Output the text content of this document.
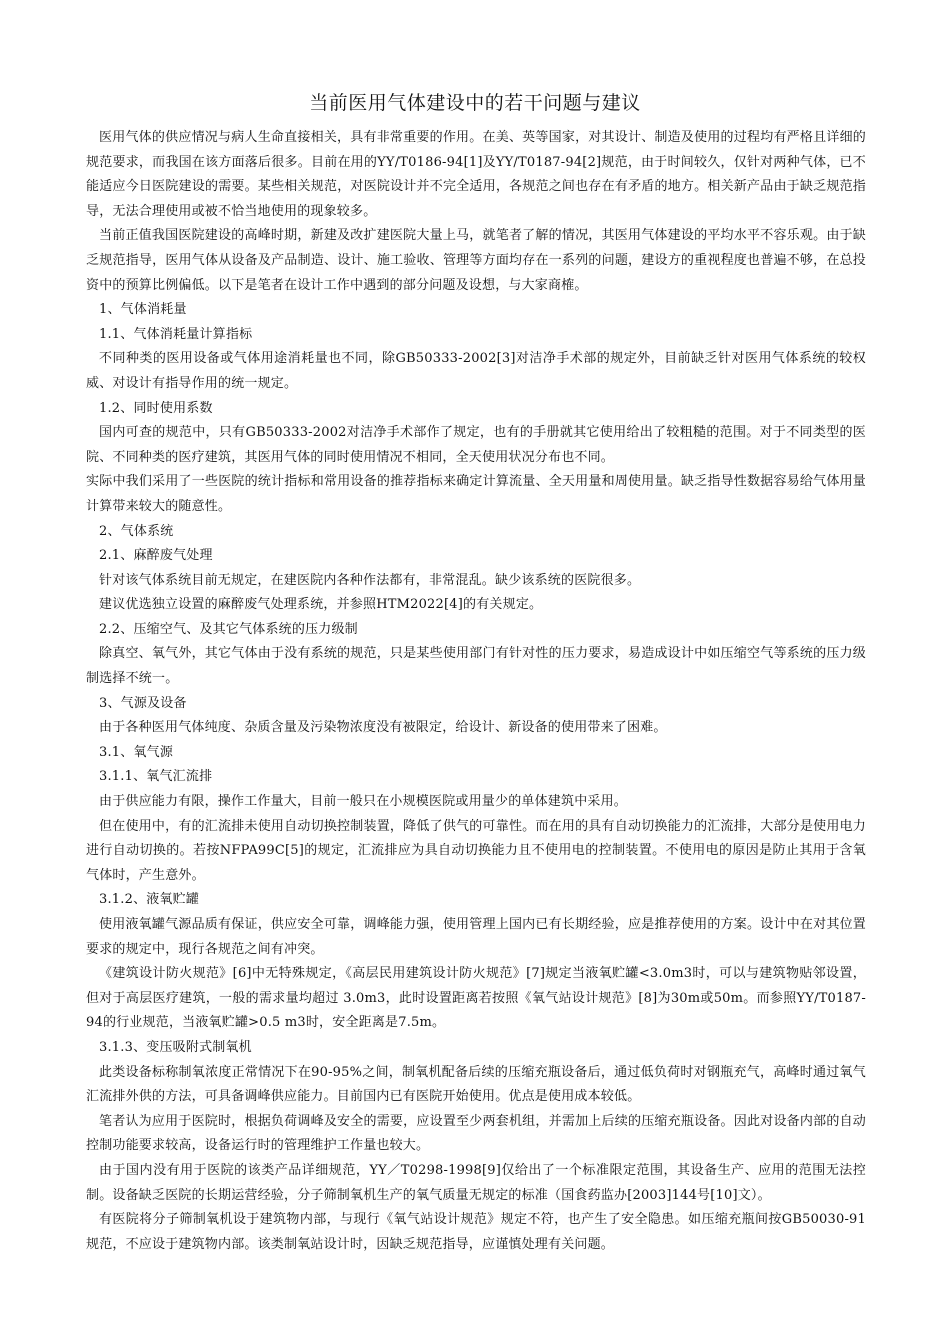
当前医用气体建设中的若干问题与建议

医用气体的供应情况与病人生命直接相关，具有非常重要的作用。在美、英等国家，对其设计、制造及使用的过程均有严格且详细的规范要求，而我国在该方面落后很多。目前在用的YY/T0186-94[1]及YY/T0187-94[2]规范，由于时间较久，仅针对两种气体，已不能适应今日医院建设的需要。某些相关规范，对医院设计并不完全适用，各规范之间也存在有矛盾的地方。相关新产品由于缺乏规范指导，无法合理使用或被不恰当地使用的现象较多。

当前正值我国医院建设的高峰时期，新建及改扩建医院大量上马，就笔者了解的情况，其医用气体建设的平均水平不容乐观。由于缺乏规范指导，医用气体从设备及产品制造、设计、施工验收、管理等方面均存在一系列的问题，建设方的重视程度也普遍不够，在总投资中的预算比例偏低。以下是笔者在设计工作中遇到的部分问题及设想，与大家商榷。

1、气体消耗量

1.1、气体消耗量计算指标

不同种类的医用设备或气体用途消耗量也不同，除GB50333-2002[3]对洁净手术部的规定外，目前缺乏针对医用气体系统的较权威、对设计有指导作用的统一规定。

1.2、同时使用系数

国内可查的规范中，只有GB50333-2002对洁净手术部作了规定，也有的手册就其它使用给出了较粗糙的范围。对于不同类型的医院、不同种类的医疗建筑，其医用气体的同时使用情况不相同，全天使用状况分布也不同。

实际中我们采用了一些医院的统计指标和常用设备的推荐指标来确定计算流量、全天用量和周使用量。缺乏指导性数据容易给气体用量计算带来较大的随意性。

2、气体系统

2.1、麻醉废气处理

针对该气体系统目前无规定，在建医院内各种作法都有，非常混乱。缺少该系统的医院很多。

建议优选独立设置的麻醉废气处理系统，并参照HTM2022[4]的有关规定。

2.2、压缩空气、及其它气体系统的压力级制

除真空、氧气外，其它气体由于没有系统的规范，只是某些使用部门有针对性的压力要求，易造成设计中如压缩空气等系统的压力级制选择不统一。

3、气源及设备

由于各种医用气体纯度、杂质含量及污染物浓度没有被限定，给设计、新设备的使用带来了困难。

3.1、氧气源

3.1.1、氧气汇流排

由于供应能力有限，操作工作量大，目前一般只在小规模医院或用量少的单体建筑中采用。

但在使用中，有的汇流排未使用自动切换控制装置，降低了供气的可靠性。而在用的具有自动切换能力的汇流排，大部分是使用电力进行自动切换的。若按NFPA99C[5]的规定，汇流排应为具自动切换能力且不使用电的控制装置。不使用电的原因是防止其用于含氧气体时，产生意外。

3.1.2、液氧贮罐

使用液氧罐气源品质有保证，供应安全可靠，调峰能力强，使用管理上国内已有长期经验，应是推荐使用的方案。设计中在对其位置要求的规定中，现行各规范之间有冲突。

《建筑设计防火规范》[6]中无特殊规定，《高层民用建筑设计防火规范》[7]规定当液氧贮罐<3.0m3时，可以与建筑物贴邻设置，但对于高层医疗建筑，一般的需求量均超过 3.0m3，此时设置距离若按照《氧气站设计规范》[8]为30m或50m。而参照YY/T0187-94的行业规范，当液氧贮罐>0.5 m3时，安全距离是7.5m。

3.1.3、变压吸附式制氧机

此类设备标称制氧浓度正常情况下在90-95%之间，制氧机配备后续的压缩充瓶设备后，通过低负荷时对钢瓶充气，高峰时通过氧气汇流排外供的方法，可具备调峰供应能力。目前国内已有医院开始使用。优点是使用成本较低。

笔者认为应用于医院时，根据负荷调峰及安全的需要，应设置至少两套机组，并需加上后续的压缩充瓶设备。因此对设备内部的自动控制功能要求较高，设备运行时的管理维护工作量也较大。

由于国内没有用于医院的该类产品详细规范，YY／T0298-1998[9]仅给出了一个标准限定范围，其设备生产、应用的范围无法控制。设备缺乏医院的长期运营经验，分子筛制氧机生产的氧气质量无规定的标准（国食药监办[2003]144号[10]文）。

有医院将分子筛制氧机设于建筑物内部，与现行《氧气站设计规范》规定不符，也产生了安全隐患。如压缩充瓶间按GB50030-91规范，不应设于建筑物内部。该类制氧站设计时，因缺乏规范指导，应谨慎处理有关问题。
